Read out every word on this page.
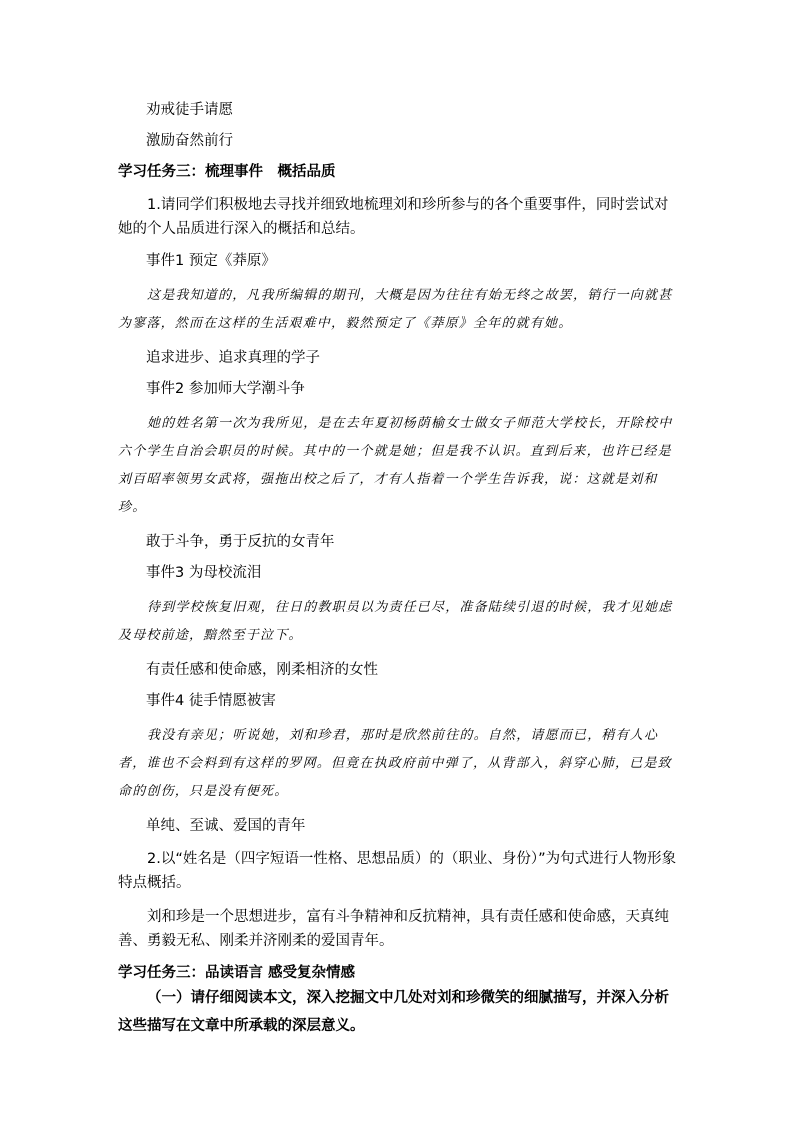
劝戒徒手请愿
激励奋然前行
学习任务三：梳理事件　概括品质

1.请同学们积极地去寻找并细致地梳理刘和珍所参与的各个重要事件，同时尝试对她的个人品质进行深入的概括和总结。

事件1 预定《莽原》

这是我知道的，凡我所编辑的期刊，大概是因为往往有始无终之故罢，销行一向就甚为寥落，然而在这样的生活艰难中，毅然预定了《莽原》全年的就有她。

追求进步、追求真理的学子
事件2 参加师大学潮斗争

她的姓名第一次为我所见，是在去年夏初杨荫榆女士做女子师范大学校长，开除校中六个学生自治会职员的时候。其中的一个就是她；但是我不认识。直到后来，也许已经是刘百昭率领男女武将，强拖出校之后了，才有人指着一个学生告诉我，说：这就是刘和珍。

敢于斗争，勇于反抗的女青年
事件3 为母校流泪

待到学校恢复旧观，往日的教职员以为责任已尽，准备陆续引退的时候，我才见她虑及母校前途，黯然至于泣下。

有责任感和使命感，刚柔相济的女性
事件4 徒手情愿被害

我没有亲见；听说她，刘和珍君，那时是欣然前往的。自然，请愿而已，稍有人心者，谁也不会料到有这样的罗网。但竟在执政府前中弹了，从背部入，斜穿心肺，已是致命的创伤，只是没有便死。

单纯、至诚、爱国的青年

2.以“姓名是（四字短语一性格、思想品质）的（职业、身份）”为句式进行人物形象特点概括。

刘和珍是一个思想进步，富有斗争精神和反抗精神，具有责任感和使命感，天真纯善、勇毅无私、刚柔并济刚柔的爱国青年。

学习任务三：品读语言 感受复杂情感

（一）请仔细阅读本文，深入挖掘文中几处对刘和珍微笑的细腻描写，并深入分析这些描写在文章中所承载的深层意义。
